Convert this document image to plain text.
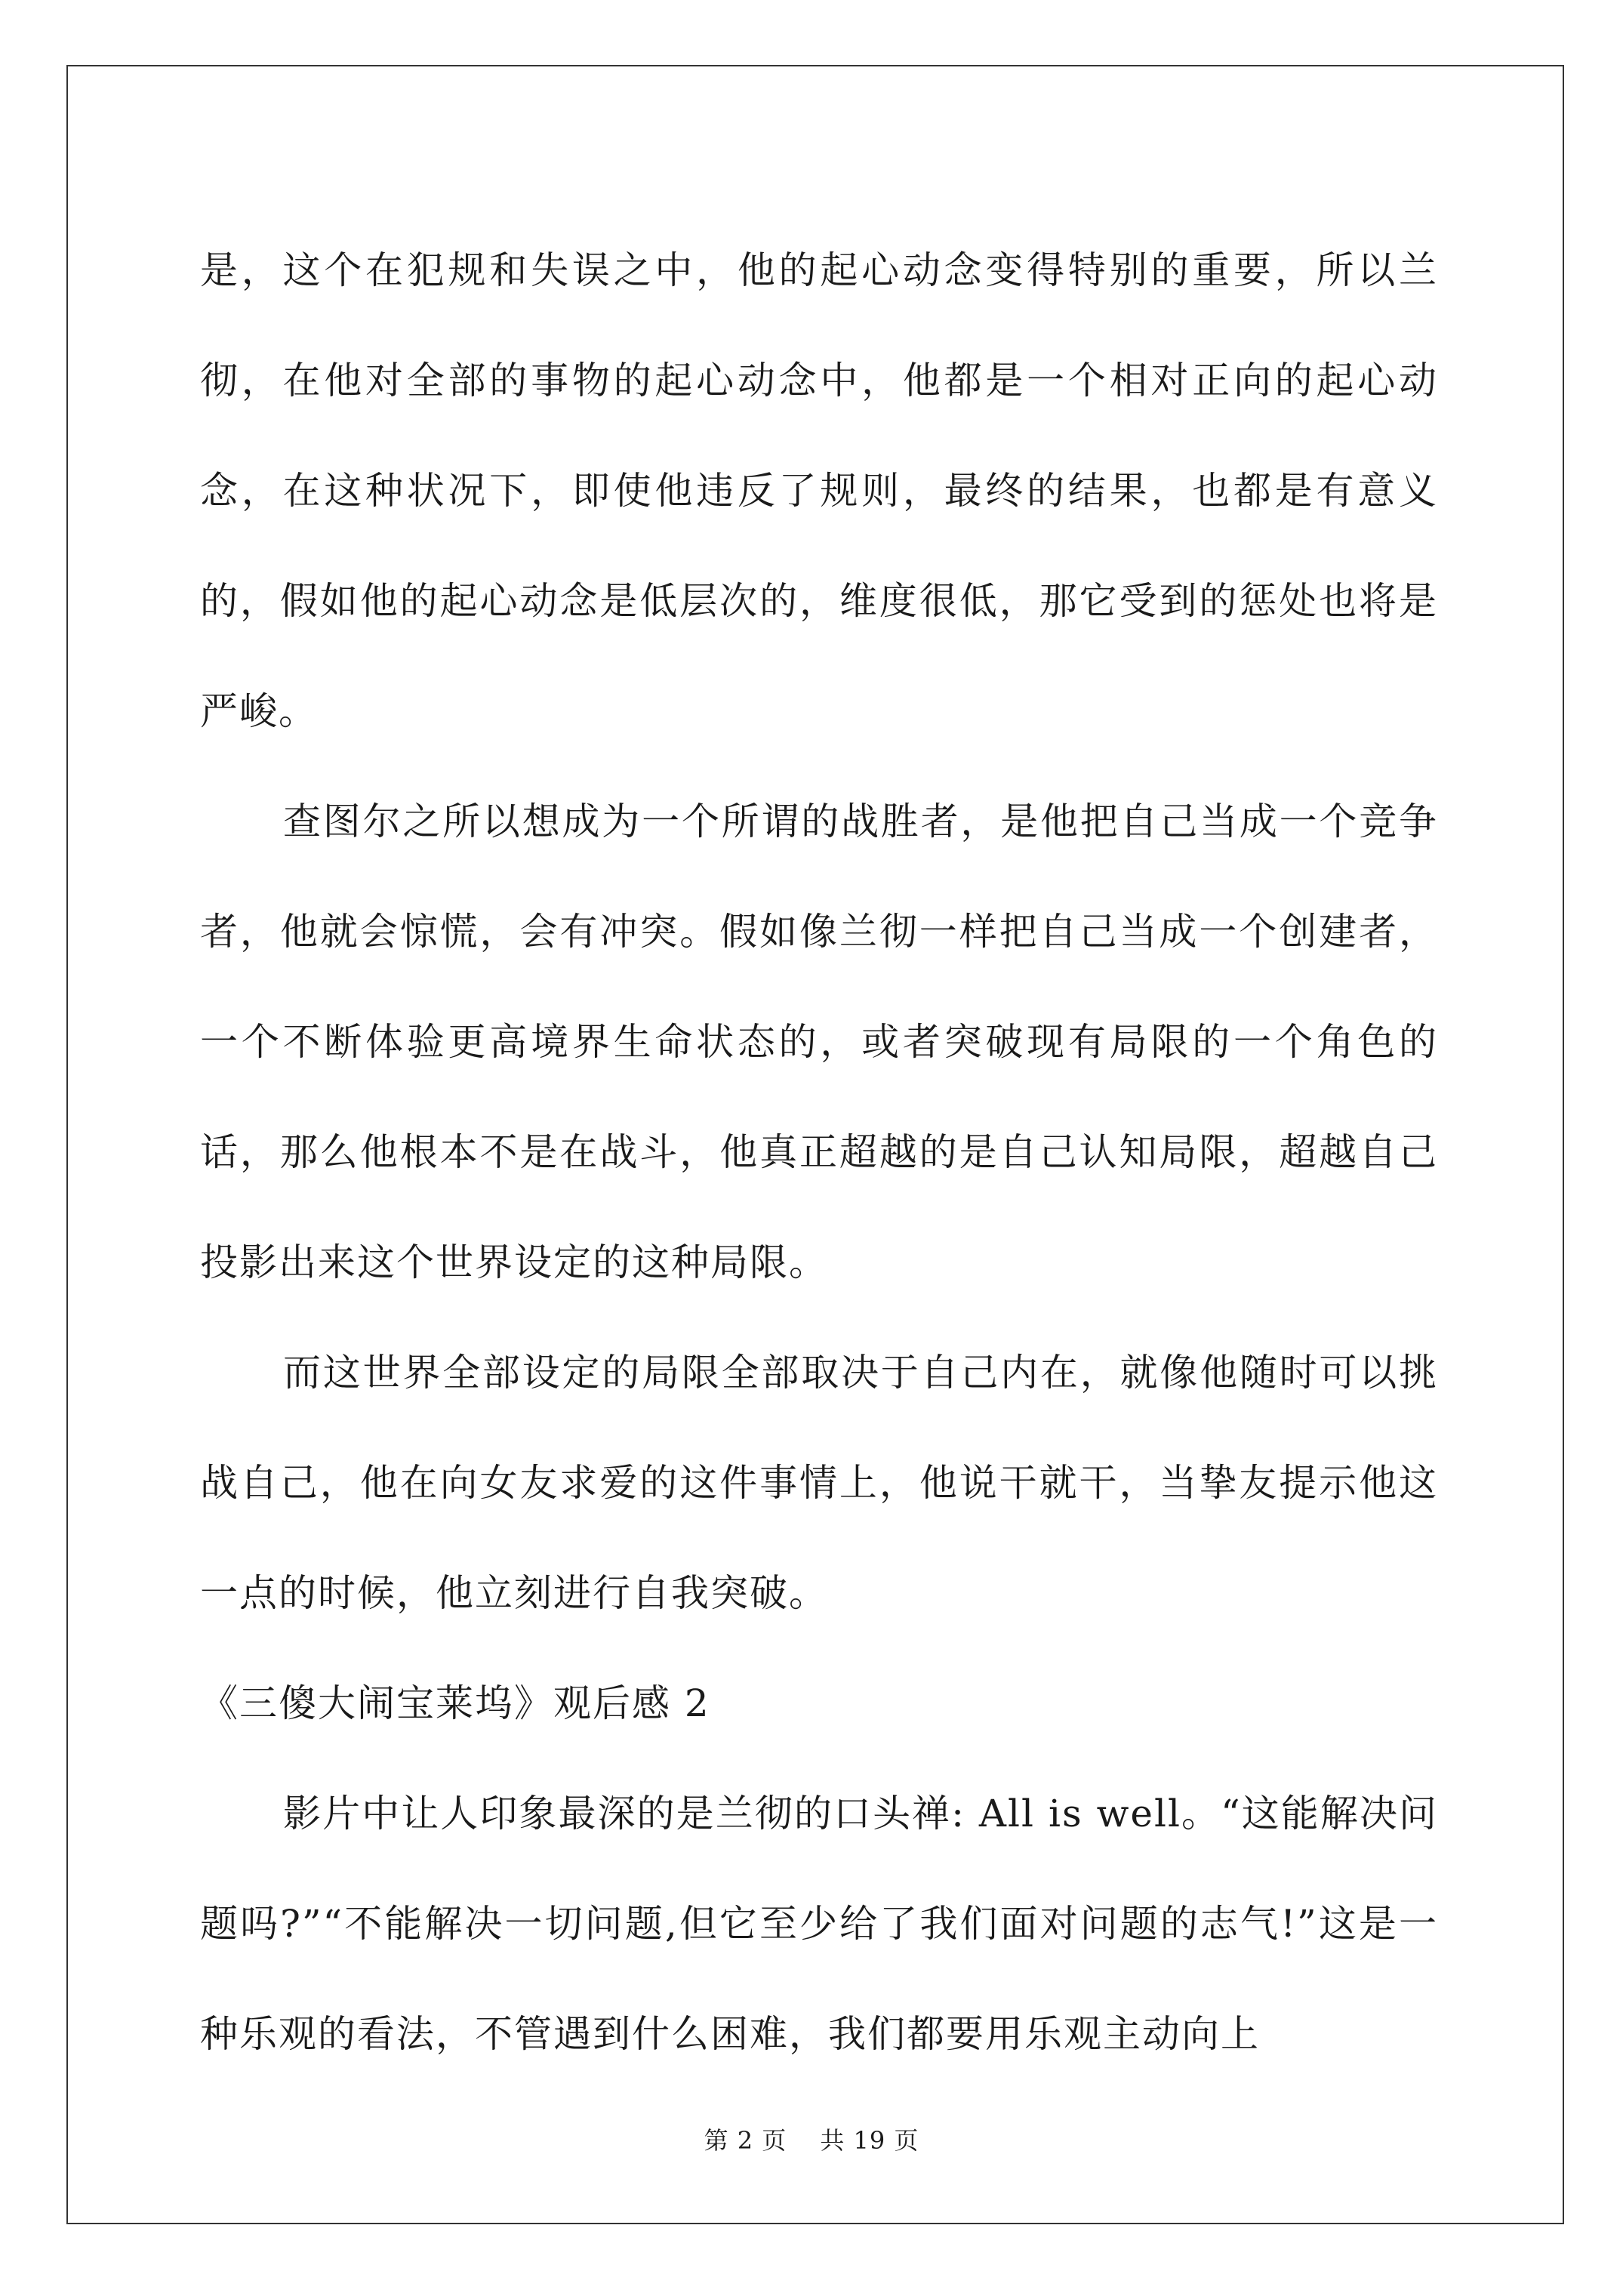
是，这个在犯规和失误之中，他的起心动念变得特别的重要，所以兰彻，在他对全部的事物的起心动念中，他都是一个相对正向的起心动念，在这种状况下，即使他违反了规则，最终的结果，也都是有意义的，假如他的起心动念是低层次的，维度很低，那它受到的惩处也将是严峻。

查图尔之所以想成为一个所谓的战胜者，是他把自己当成一个竞争者，他就会惊慌，会有冲突。假如像兰彻一样把自己当成一个创建者，一个不断体验更高境界生命状态的，或者突破现有局限的一个角色的话，那么他根本不是在战斗，他真正超越的是自己认知局限，超越自己投影出来这个世界设定的这种局限。

而这世界全部设定的局限全部取决于自己内在，就像他随时可以挑战自己，他在向女友求爱的这件事情上，他说干就干，当挚友提示他这一点的时候，他立刻进行自我突破。

《三傻大闹宝莱坞》观后感 2

影片中让人印象最深的是兰彻的口头禅: All is well。“这能解决问题吗?”“不能解决一切问题,但它至少给了我们面对问题的志气!”这是一种乐观的看法，不管遇到什么困难，我们都要用乐观主动向上

第 2 页 共 19 页
